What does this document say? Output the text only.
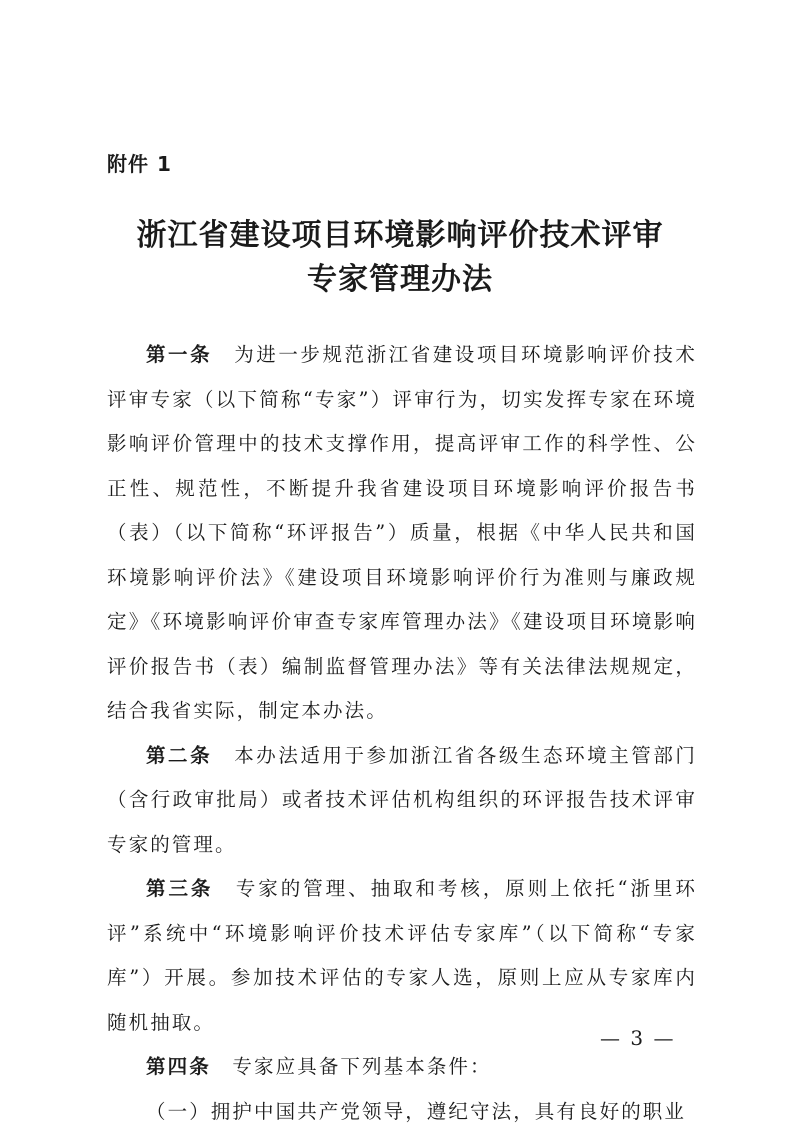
附件 1
浙江省建设项目环境影响评价技术评审
专家管理办法

第一条  为进一步规范浙江省建设项目环境影响评价技术评审专家（以下简称“专家”）评审行为，切实发挥专家在环境影响评价管理中的技术支撑作用，提高评审工作的科学性、公正性、规范性，不断提升我省建设项目环境影响评价报告书（表）（以下简称“环评报告”）质量，根据《中华人民共和国环境影响评价法》《建设项目环境影响评价行为准则与廉政规定》《环境影响评价审查专家库管理办法》《建设项目环境影响评价报告书（表）编制监督管理办法》等有关法律法规规定，结合我省实际，制定本办法。

第二条  本办法适用于参加浙江省各级生态环境主管部门（含行政审批局）或者技术评估机构组织的环评报告技术评审专家的管理。

第三条  专家的管理、抽取和考核，原则上依托“浙里环评”系统中“环境影响评价技术评估专家库”（以下简称“专家库”）开展。参加技术评估的专家人选，原则上应从专家库内随机抽取。

第四条  专家应具备下列基本条件：

（一）拥护中国共产党领导，遵纪守法，具有良好的职业

— 3 —
